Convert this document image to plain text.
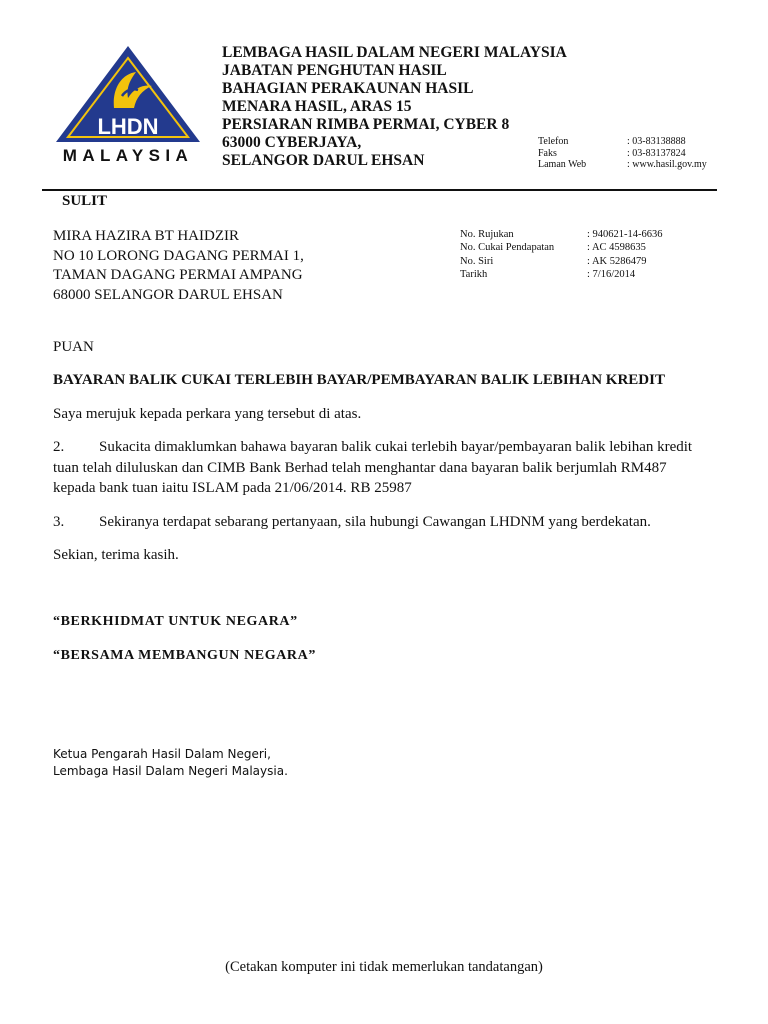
LHDN
MALAYSIA
LEMBAGA HASIL DALAM NEGERI MALAYSIA
JABATAN PENGHUTAN HASIL
BAHAGIAN PERAKAUNAN HASIL
MENARA HASIL, ARAS 15
PERSIARAN RIMBA PERMAI, CYBER 8
63000 CYBERJAYA,
SELANGOR DARUL EHSAN
Telefon
Faks
Laman Web
: 03-83138888
: 03-83137824
: www.hasil.gov.my
SULIT
MIRA HAZIRA BT HAIDZIR
NO 10 LORONG DAGANG PERMAI 1,
TAMAN DAGANG PERMAI AMPANG
68000 SELANGOR DARUL EHSAN
No. Rujukan
No. Cukai Pendapatan
No. Siri
Tarikh
: 940621-14-6636
: AC 4598635
: AK 5286479
: 7/16/2014
PUAN
BAYARAN BALIK CUKAI TERLEBIH BAYAR/PEMBAYARAN BALIK LEBIHAN KREDIT
Saya merujuk kepada perkara yang tersebut di atas.
2. Sukacita dimaklumkan bahawa bayaran balik cukai terlebih bayar/pembayaran balik lebihan kredit
tuan telah diluluskan dan CIMB Bank Berhad telah menghantar dana bayaran balik berjumlah RM487
kepada bank tuan iaitu ISLAM pada 21/06/2014. RB 25987
3. Sekiranya terdapat sebarang pertanyaan, sila hubungi Cawangan LHDNM yang berdekatan.
Sekian, terima kasih.
“BERKHIDMAT UNTUK NEGARA”
“BERSAMA MEMBANGUN NEGARA”
Ketua Pengarah Hasil Dalam Negeri,
Lembaga Hasil Dalam Negeri Malaysia.
(Cetakan komputer ini tidak memerlukan tandatangan)
